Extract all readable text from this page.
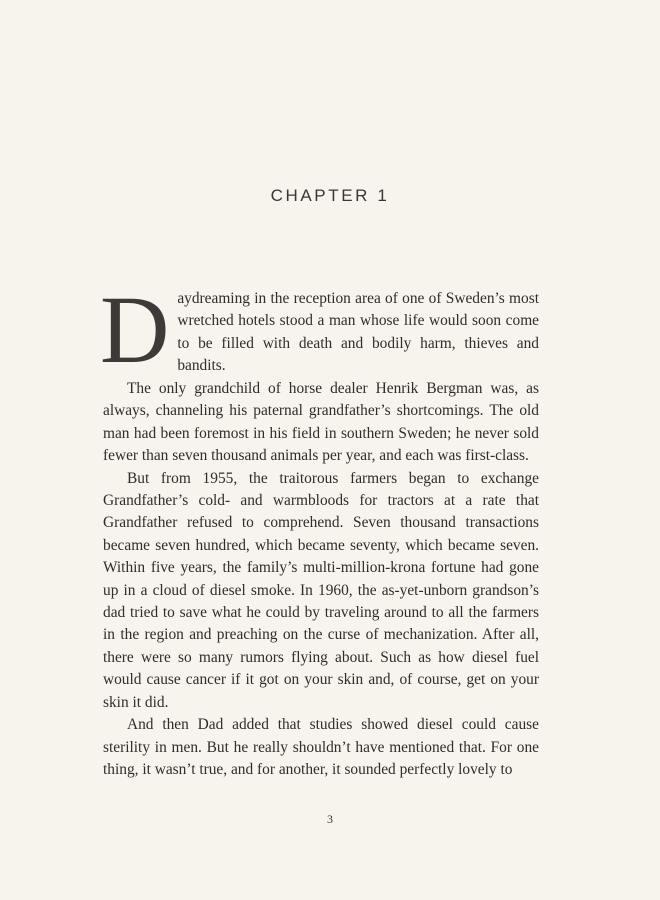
CHAPTER 1

Daydreaming in the reception area of one of Sweden’s most wretched hotels stood a man whose life would soon come to be filled with death and bodily harm, thieves and bandits.

The only grandchild of horse dealer Henrik Bergman was, as always, channeling his paternal grandfather’s shortcomings. The old man had been foremost in his field in southern Sweden; he never sold fewer than seven thousand animals per year, and each was first-class.

But from 1955, the traitorous farmers began to exchange Grandfather’s cold- and warmbloods for tractors at a rate that Grandfather refused to comprehend. Seven thousand transactions became seven hundred, which became seventy, which became seven. Within five years, the family’s multi-million-krona fortune had gone up in a cloud of diesel smoke. In 1960, the as-yet-unborn grandson’s dad tried to save what he could by traveling around to all the farmers in the region and preaching on the curse of mechanization. After all, there were so many rumors flying about. Such as how diesel fuel would cause cancer if it got on your skin and, of course, get on your skin it did.

And then Dad added that studies showed diesel could cause sterility in men. But he really shouldn’t have mentioned that. For one thing, it wasn’t true, and for another, it sounded perfectly lovely to

3
